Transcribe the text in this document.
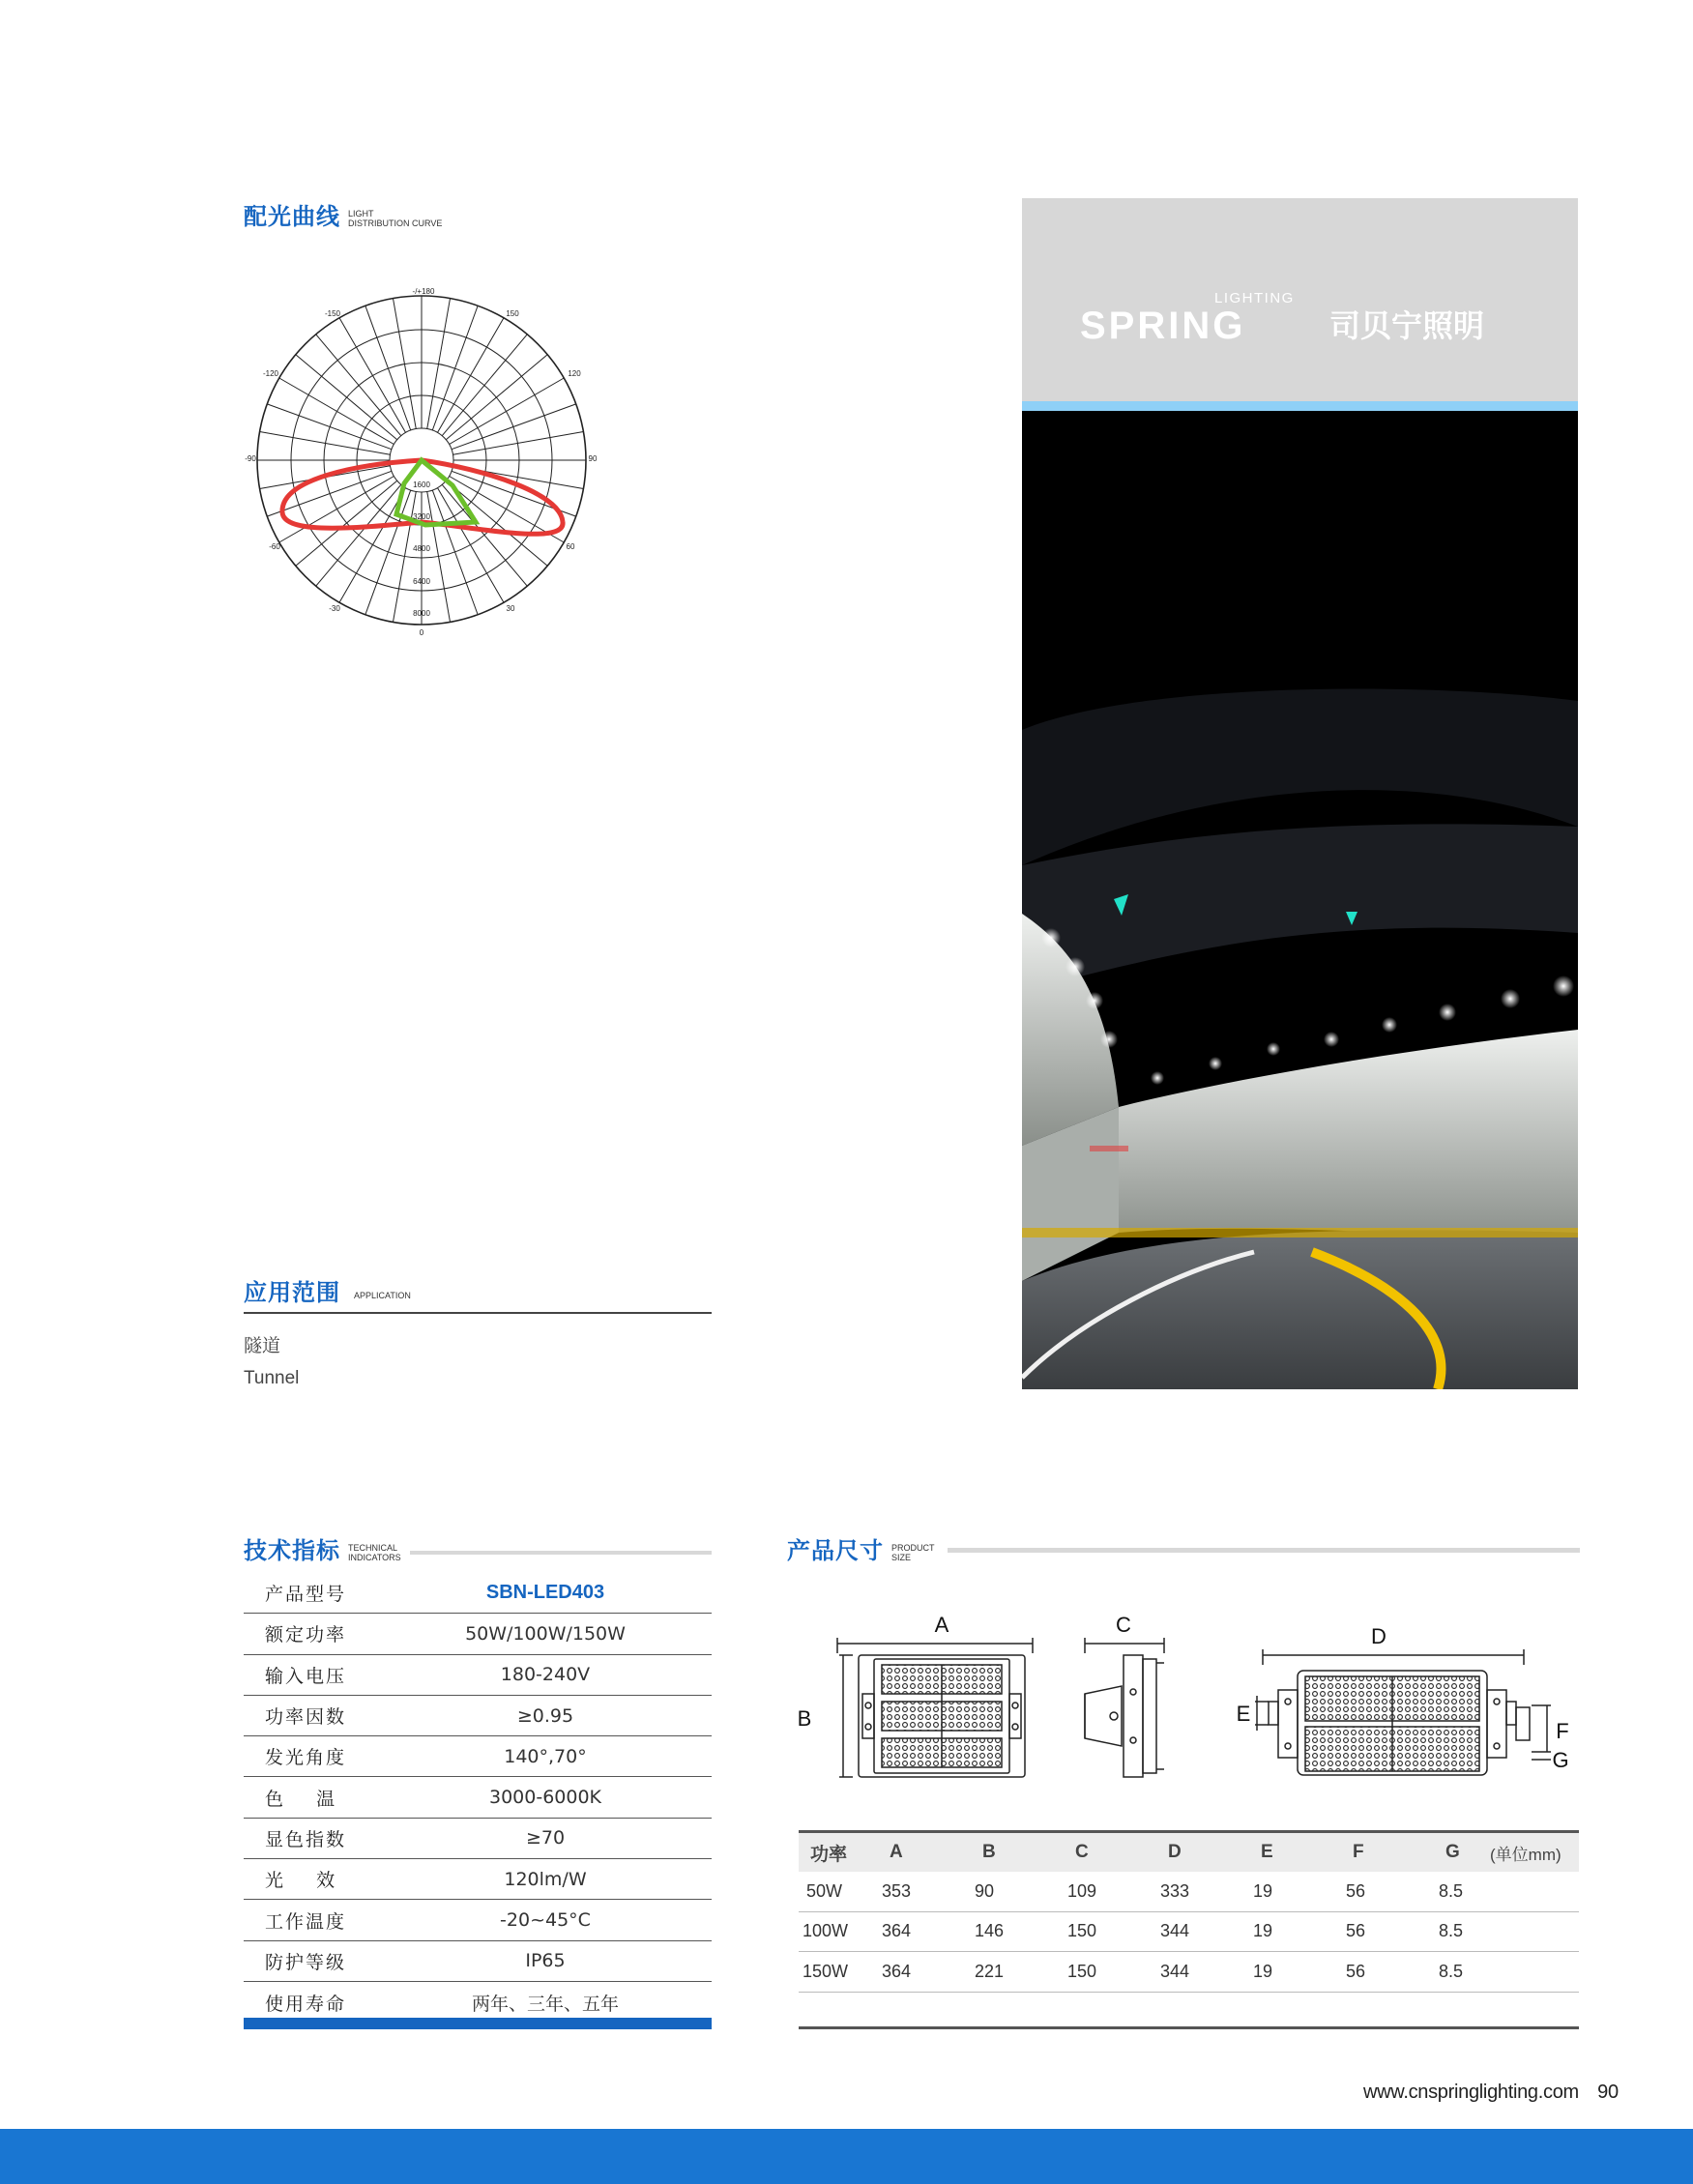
配光曲线 LIGHT
DISTRIBUTION CURVE
-/+180
-150	150
-120	120
-90	90
-60	60
-30	30
0
1600
3200
4800
6400
8000
应用范围 APPLICATION
隧道
Tunnel
技术指标 TECHNICAL
INDICATORS
产品型号	SBN-LED403
额定功率	50W/100W/150W
输入电压	180-240V
功率因数	≥0.95
发光角度	140°,70°
色    温	3000-6000K
显色指数	≥70
光    效	120lm/W
工作温度	-20~45°C
防护等级	IP65
使用寿命	两年、三年、五年
产品尺寸 PRODUCT
SIZE
A
B
C	D
E
F
G
功率	A	B	C	D	E	F	G	(单位mm)
50W	353	90	109	333	19	56	8.5
100W	364	146	150	344	19	56	8.5
150W	364	221	150	344	19	56	8.5
LIGHTING
SPRING	司贝宁照明
www.cnspringlighting.com 90
